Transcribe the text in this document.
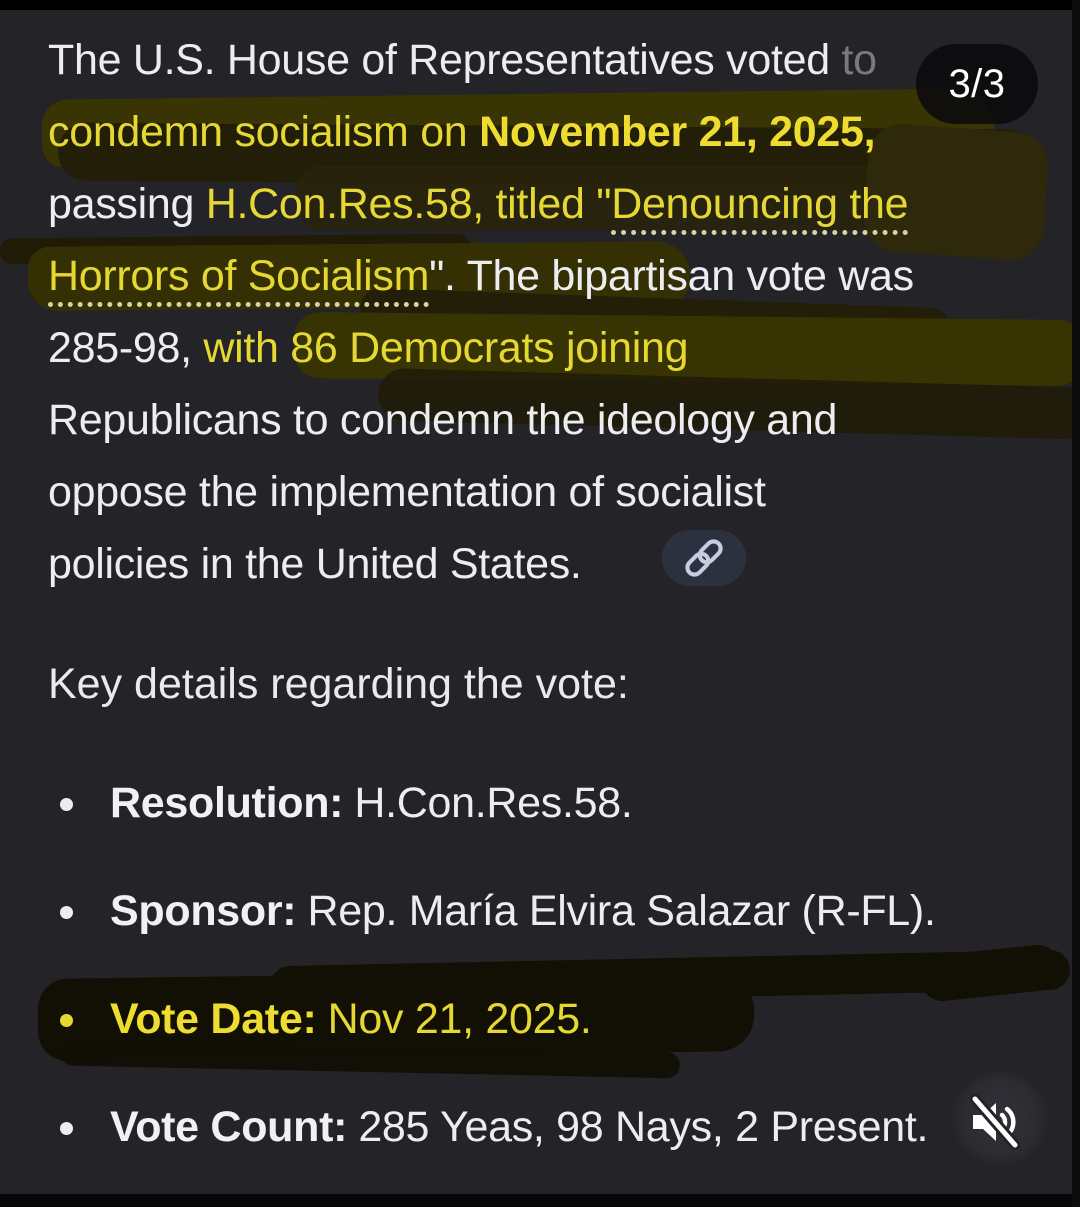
The U.S. House of Representatives voted to
condemn socialism on November 21, 2025,
passing H.Con.Res.58, titled "Denouncing the
Horrors of Socialism". The bipartisan vote was
285-98, with 86 Democrats joining
Republicans to condemn the ideology and
oppose the implementation of socialist
policies in the United States.
3/3
Key details regarding the vote:
Resolution: H.Con.Res.58.
Sponsor: Rep. María Elvira Salazar (R-FL).
Vote Date: Nov 21, 2025.
Vote Count: 285 Yeas, 98 Nays, 2 Present.
